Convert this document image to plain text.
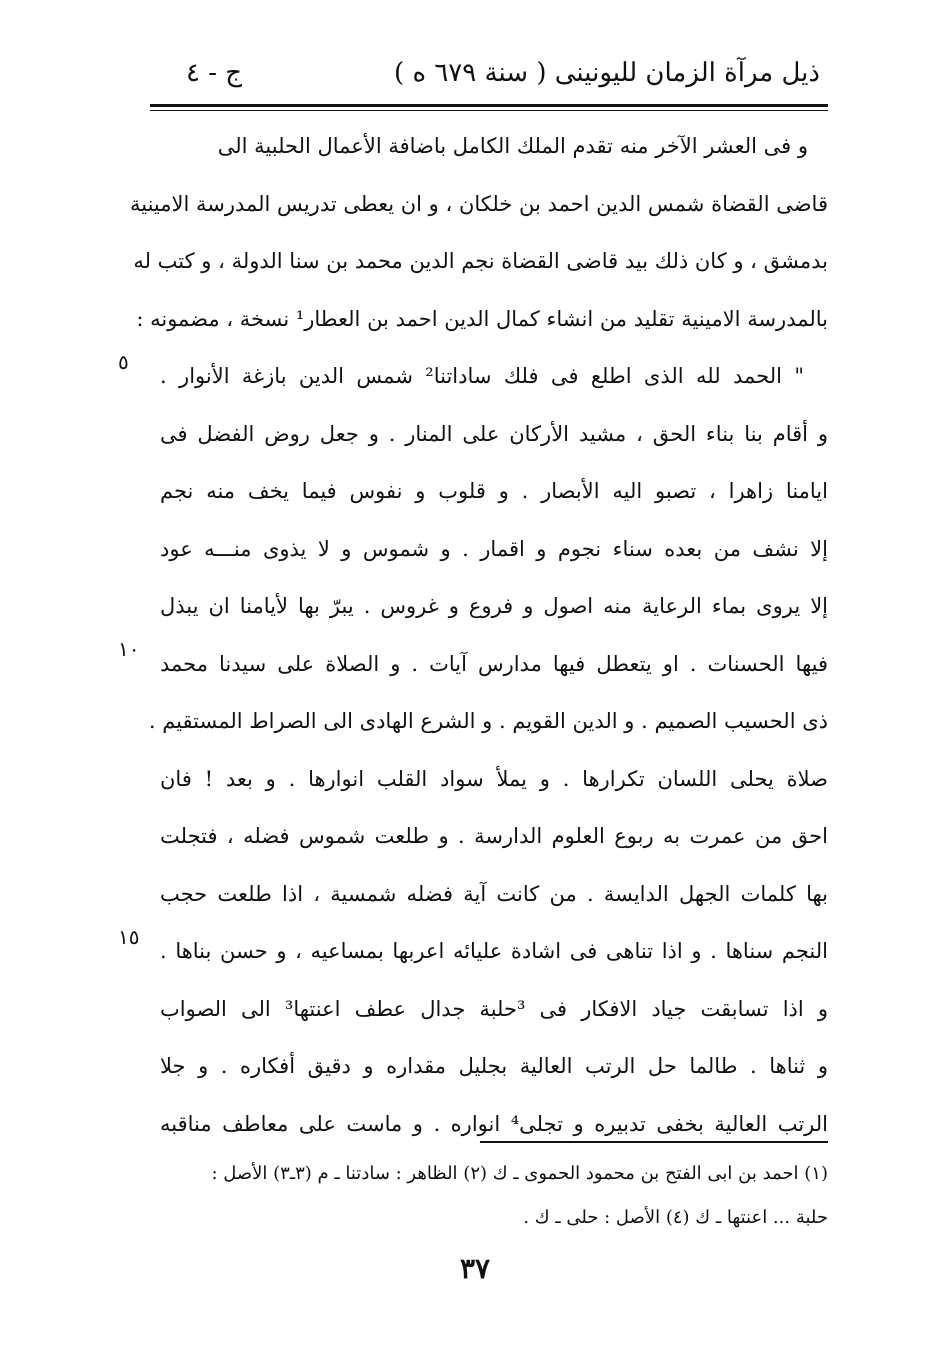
ذيل مرآة الزمان لليونينى ( سنة ٦٧٩ ه )
ج - ٤
و فى العشر الآخر منه تقدم الملك الكامل باضافة الأعمال الحلبية الى
قاضى القضاة شمس الدين احمد بن خلكان ، و ان يعطى تدريس المدرسة الامينية
بدمشق ، و كان ذلك بيد قاضى القضاة نجم الدين محمد بن سنا الدولة ، و كتب له
بالمدرسة الامينية تقليد من انشاء كمال الدين احمد بن العطار¹ نسخة ، مضمونه :
" الحمد لله الذى اطلع فى فلك ساداتنا² شمس الدين بازغة الأنوار .
و أقام بنا بناء الحق ، مشيد الأركان على المنار . و جعل روض الفضل فى
ايامنا زاهرا ، تصبو اليه الأبصار . و قلوب و نفوس فيما يخف منه نجم
إلا نشف من بعده سناء نجوم و اقمار . و شموس و لا يذوى منـــه عود
إلا يروى بماء الرعاية منه اصول و فروع و غروس . يبرّ بها لأيامنا ان يبذل
فيها الحسنات . او يتعطل فيها مدارس آيات . و الصلاة على سيدنا محمد
ذى الحسيب الصميم . و الدين القويم . و الشرع الهادى الى الصراط المستقيم .
صلاة يحلى اللسان تكرارها . و يملأ سواد القلب انوارها . و بعد ! فان
احق من عمرت به ربوع العلوم الدارسة . و طلعت شموس فضله ، فتجلت
بها كلمات الجهل الدايسة . من كانت آية فضله شمسية ، اذا طلعت حجب
النجم سناها . و اذا تناهى فى اشادة عليائه اعربها بمساعيه ، و حسن بناها .
و اذا تسابقت جياد الافكار فى ³حلبة جدال عطف اعنتها³ الى الصواب
و ثناها . طالما حل الرتب العالية بجليل مقداره و دقيق أفكاره . و جلا
الرتب العالية بخفى تدبيره و تجلى⁴ انواره . و ماست على معاطف مناقبه
٥
١٠
١٥
(١) احمد بن ابى الفتح بن محمود الحموى ـ ك (٢) الظاهر : سادتنا ـ م (٣ـ٣) الأصل :
حلبة ... اعنتها ـ ك (٤) الأصل : حلى ـ ك .
٣٧
